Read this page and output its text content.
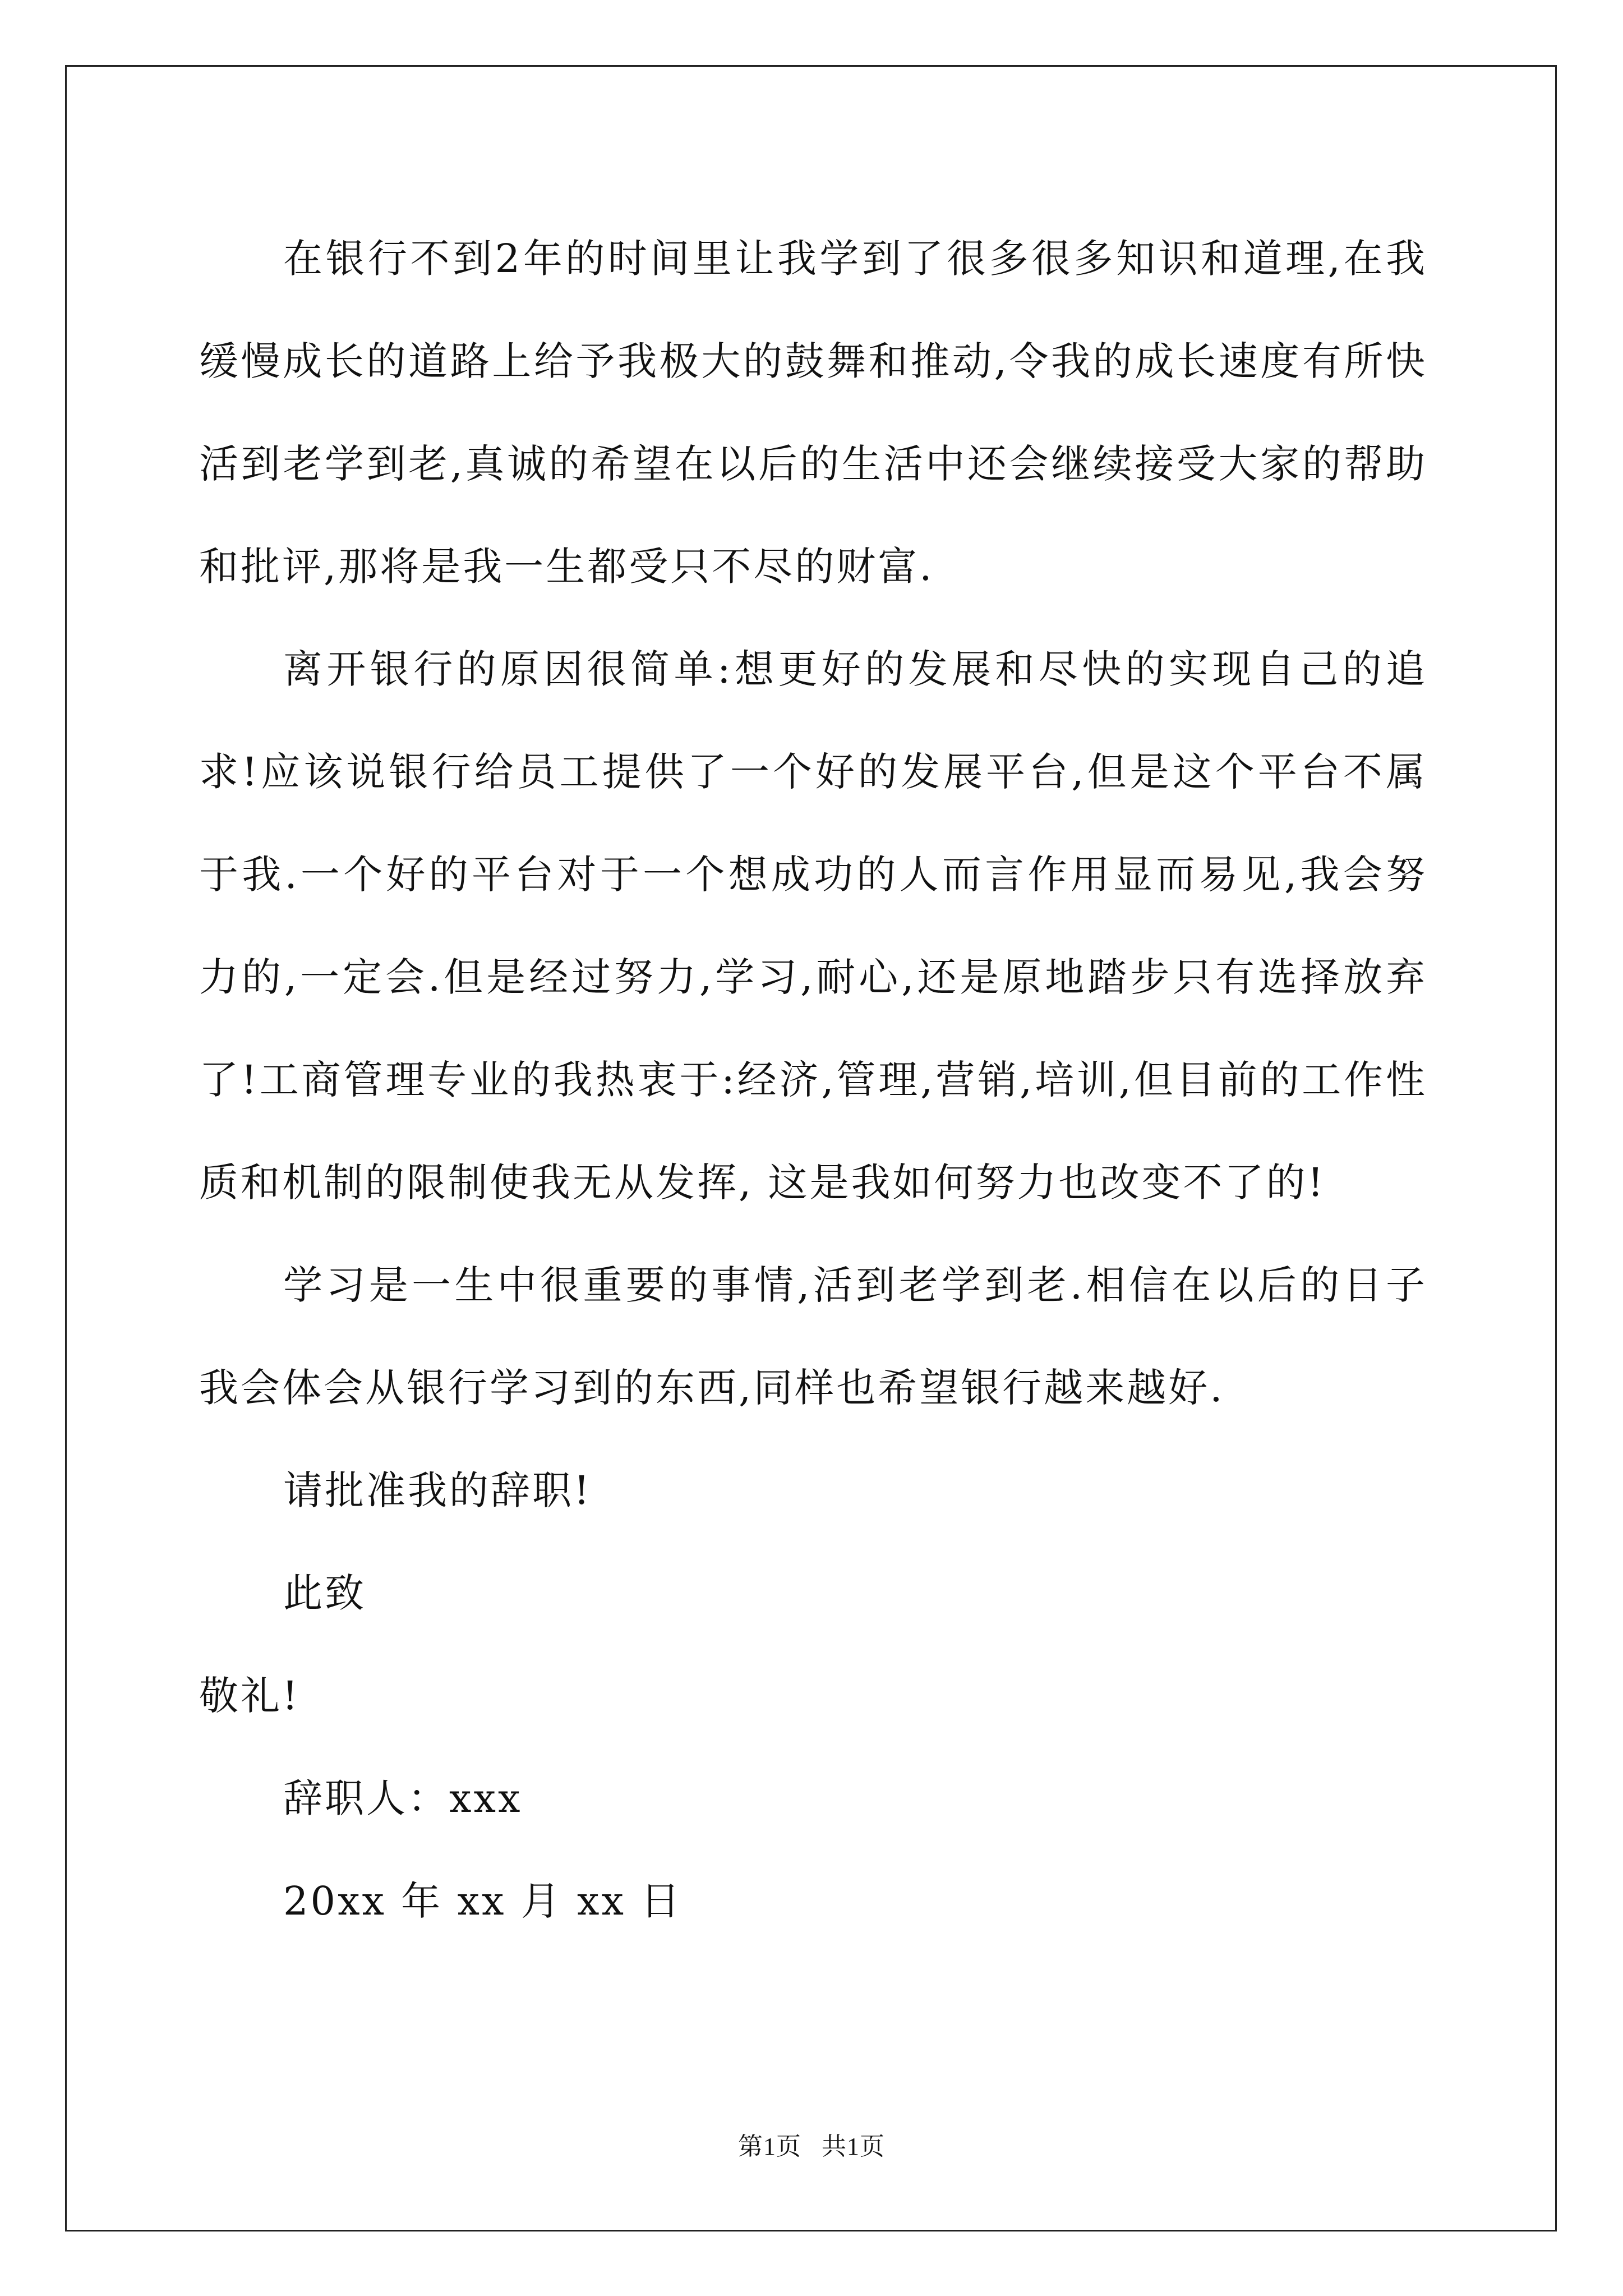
在银行不到2年的时间里让我学到了很多很多知识和道理,在我缓慢成长的道路上给予我极大的鼓舞和推动,令我的成长速度有所快活到老学到老,真诚的希望在以后的生活中还会继续接受大家的帮助和批评,那将是我一生都受只不尽的财富.

离开银行的原因很简单:想更好的发展和尽快的实现自己的追求!应该说银行给员工提供了一个好的发展平台,但是这个平台不属于我.一个好的平台对于一个想成功的人而言作用显而易见,我会努力的,一定会.但是经过努力,学习,耐心,还是原地踏步只有选择放弃了!工商管理专业的我热衷于:经济,管理,营销,培训,但目前的工作性质和机制的限制使我无从发挥, 这是我如何努力也改变不了的!

学习是一生中很重要的事情,活到老学到老.相信在以后的日子我会体会从银行学习到的东西,同样也希望银行越来越好.

请批准我的辞职!

此致

敬礼!

辞职人：xxx

20xx 年 xx 月 xx 日

第1页 共1页
